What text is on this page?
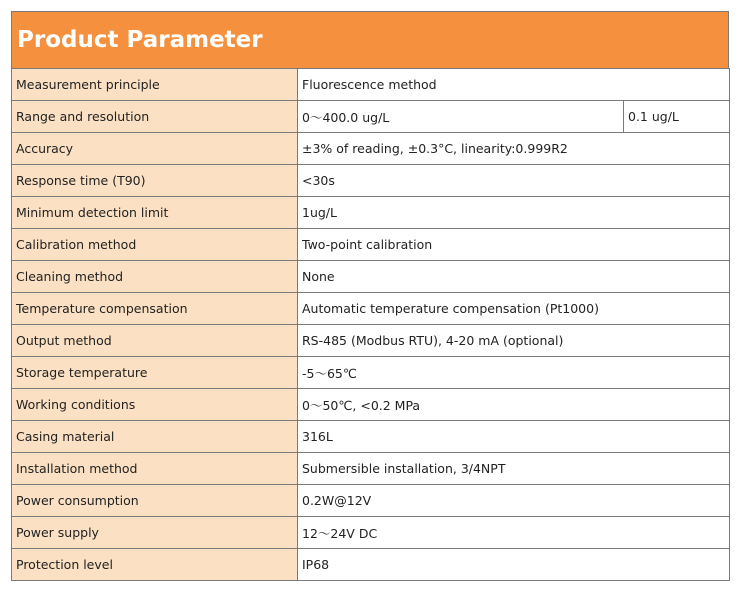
Product Parameter
Measurement principle	Fluorescence method	
Range and resolution	0～400.0 ug/L	0.1 ug/L
Accuracy	±3% of reading, ±0.3°C, linearity:0.999R2	
Response time (T90)	<30s	
Minimum detection limit	1ug/L	
Calibration method	Two-point calibration	
Cleaning method	None	
Temperature compensation	Automatic temperature compensation (Pt1000)	
Output method	RS-485 (Modbus RTU), 4-20 mA (optional)	
Storage temperature	-5～65℃	
Working conditions	0～50℃, <0.2 MPa	
Casing material	316L	
Installation method	Submersible installation, 3/4NPT	
Power consumption	0.2W@12V	
Power supply	12～24V DC	
Protection level	IP68	
